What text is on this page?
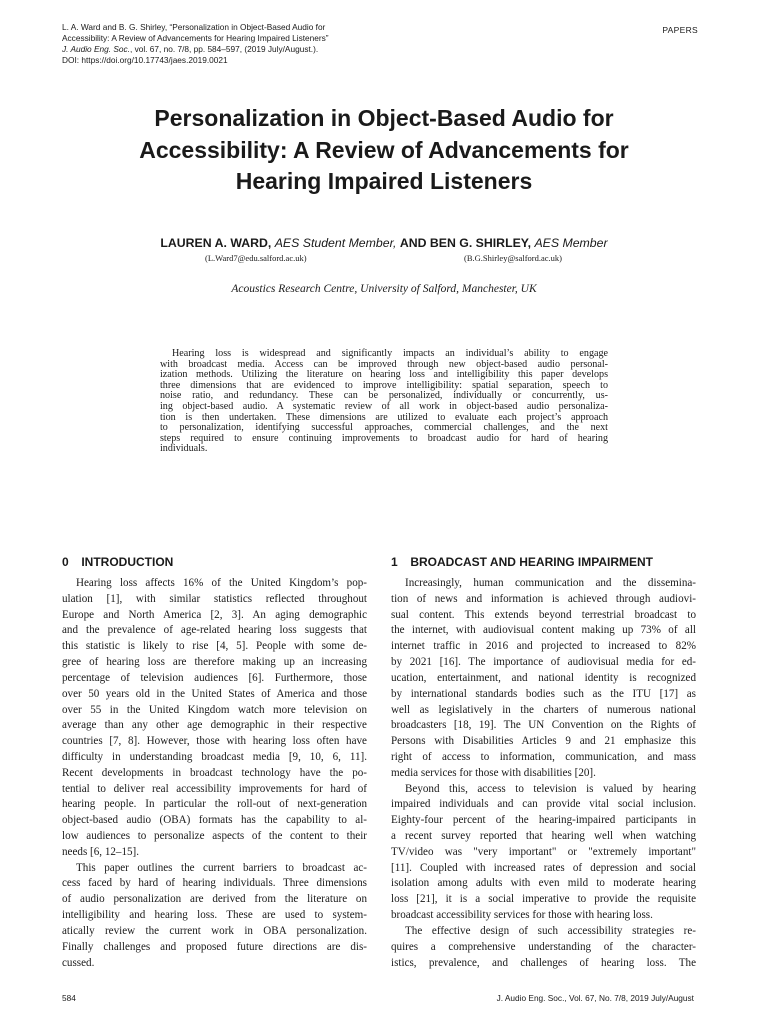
L. A. Ward and B. G. Shirley, “Personalization in Object-Based Audio for
Accessibility: A Review of Advancements for Hearing Impaired Listeners”
J. Audio Eng. Soc., vol. 67, no. 7/8, pp. 584–597, (2019 July/August.).
DOI: https://doi.org/10.17743/jaes.2019.0021
PAPERS
Personalization in Object-Based Audio for
Accessibility: A Review of Advancements for
Hearing Impaired Listeners
LAUREN A. WARD, AES Student Member, AND BEN G. SHIRLEY, AES Member
(L.Ward7@edu.salford.ac.uk)	(B.G.Shirley@salford.ac.uk)
Acoustics Research Centre, University of Salford, Manchester, UK
Hearing loss is widespread and significantly impacts an individual’s ability to engage
with broadcast media. Access can be improved through new object-based audio personal-
ization methods. Utilizing the literature on hearing loss and intelligibility this paper develops
three dimensions that are evidenced to improve intelligibility: spatial separation, speech to
noise ratio, and redundancy. These can be personalized, individually or concurrently, us-
ing object-based audio. A systematic review of all work in object-based audio personaliza-
tion is then undertaken. These dimensions are utilized to evaluate each project’s approach
to personalization, identifying successful approaches, commercial challenges, and the next
steps required to ensure continuing improvements to broadcast audio for hard of hearing
individuals.
0 INTRODUCTION	1 BROADCAST AND HEARING IMPAIRMENT
Hearing loss affects 16% of the United Kingdom’s pop-
ulation [1], with similar statistics reflected throughout
Europe and North America [2, 3]. An aging demographic
and the prevalence of age-related hearing loss suggests that
this statistic is likely to rise [4, 5]. People with some de-
gree of hearing loss are therefore making up an increasing
percentage of television audiences [6]. Furthermore, those
over 50 years old in the United States of America and those
over 55 in the United Kingdom watch more television on
average than any other age demographic in their respective
countries [7, 8]. However, those with hearing loss often have
difficulty in understanding broadcast media [9, 10, 6, 11].
Recent developments in broadcast technology have the po-
tential to deliver real accessibility improvements for hard of
hearing people. In particular the roll-out of next-generation
object-based audio (OBA) formats has the capability to al-
low audiences to personalize aspects of the content to their
needs [6, 12–15].
This paper outlines the current barriers to broadcast ac-
cess faced by hard of hearing individuals. Three dimensions
of audio personalization are derived from the literature on
intelligibility and hearing loss. These are used to system-
atically review the current work in OBA personalization.
Finally challenges and proposed future directions are dis-
cussed.
Increasingly, human communication and the dissemina-
tion of news and information is achieved through audiovi-
sual content. This extends beyond terrestrial broadcast to
the internet, with audiovisual content making up 73% of all
internet traffic in 2016 and projected to increased to 82%
by 2021 [16]. The importance of audiovisual media for ed-
ucation, entertainment, and national identity is recognized
by international standards bodies such as the ITU [17] as
well as legislatively in the charters of numerous national
broadcasters [18, 19]. The UN Convention on the Rights of
Persons with Disabilities Articles 9 and 21 emphasize this
right of access to information, communication, and mass
media services for those with disabilities [20].
Beyond this, access to television is valued by hearing
impaired individuals and can provide vital social inclusion.
Eighty-four percent of the hearing-impaired participants in
a recent survey reported that hearing well when watching
TV/video was "very important" or "extremely important"
[11]. Coupled with increased rates of depression and social
isolation among adults with even mild to moderate hearing
loss [21], it is a social imperative to provide the requisite
broadcast accessibility services for those with hearing loss.
The effective design of such accessibility strategies re-
quires a comprehensive understanding of the character-
istics, prevalence, and challenges of hearing loss. The
584	J. Audio Eng. Soc., Vol. 67, No. 7/8, 2019 July/August
